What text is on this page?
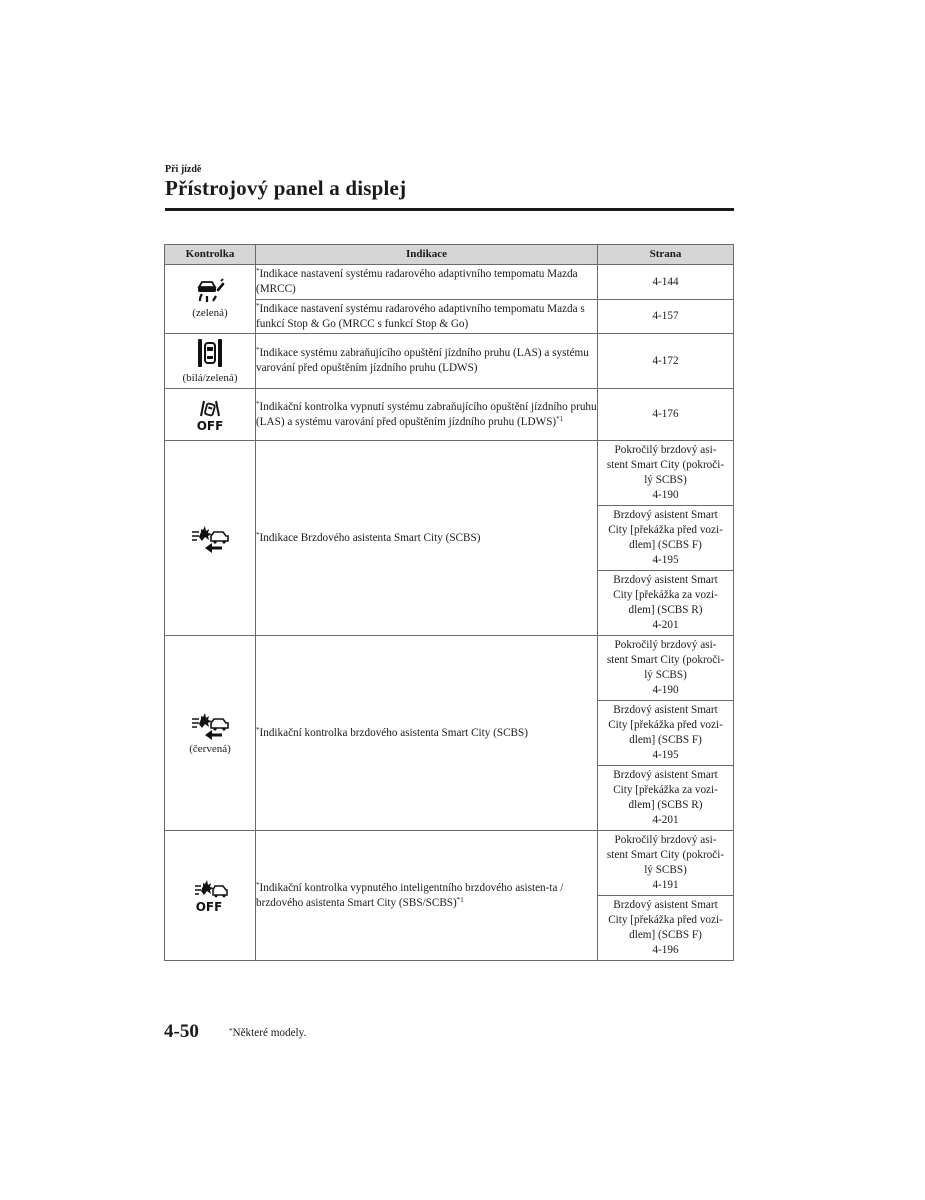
Při jízdě
Přístrojový panel a displej
Kontrolka	Indikace	Strana

(zelená)	*Indikace nastavení systému radarového adaptivního tempomatu Mazda (MRCC)	4-144
	*Indikace nastavení systému radarového adaptivního tempomatu Mazda s funkcí Stop & Go (MRCC s funkcí Stop & Go)	4-157

(bílá/zelená)	*Indikace systému zabraňujícího opuštění jízdního pruhu (LAS) a systému varování před opuštěním jízdního pruhu (LDWS)	4-172

OFF	*Indikační kontrolka vypnutí systému zabraňujícího opuštění jízdního pruhu (LAS) a systému varování před opuštěním jízdního pruhu (LDWS)$^{*1}$	4-176

	*Indikace Brzdového asistenta Smart City (SCBS)	Pokročilý brzdový asi-
stent Smart City (pokroči-
lý SCBS)
4-190

		Brzdový asistent Smart
City [překážka před vozi-
dlem] (SCBS F)
4-195

		Brzdový asistent Smart
City [překážka za vozi-
dlem] (SCBS R)
4-201

(červená)	*Indikační kontrolka brzdového asistenta Smart City (SCBS)	Pokročilý brzdový asi-
stent Smart City (pokroči-
lý SCBS)
4-190

		Brzdový asistent Smart
City [překážka před vozi-
dlem] (SCBS F)
4-195

		Brzdový asistent Smart
City [překážka za vozi-
dlem] (SCBS R)
4-201

OFF	*Indikační kontrolka vypnutého inteligentního brzdového asisten-ta / brzdového asistenta Smart City (SBS/SCBS)$^{*1}$	Pokročilý brzdový asi-
stent Smart City (pokroči-
lý SCBS)
4-191

		Brzdový asistent Smart
City [překážka před vozi-
dlem] (SCBS F)
4-196
4-50	*Některé modely.
